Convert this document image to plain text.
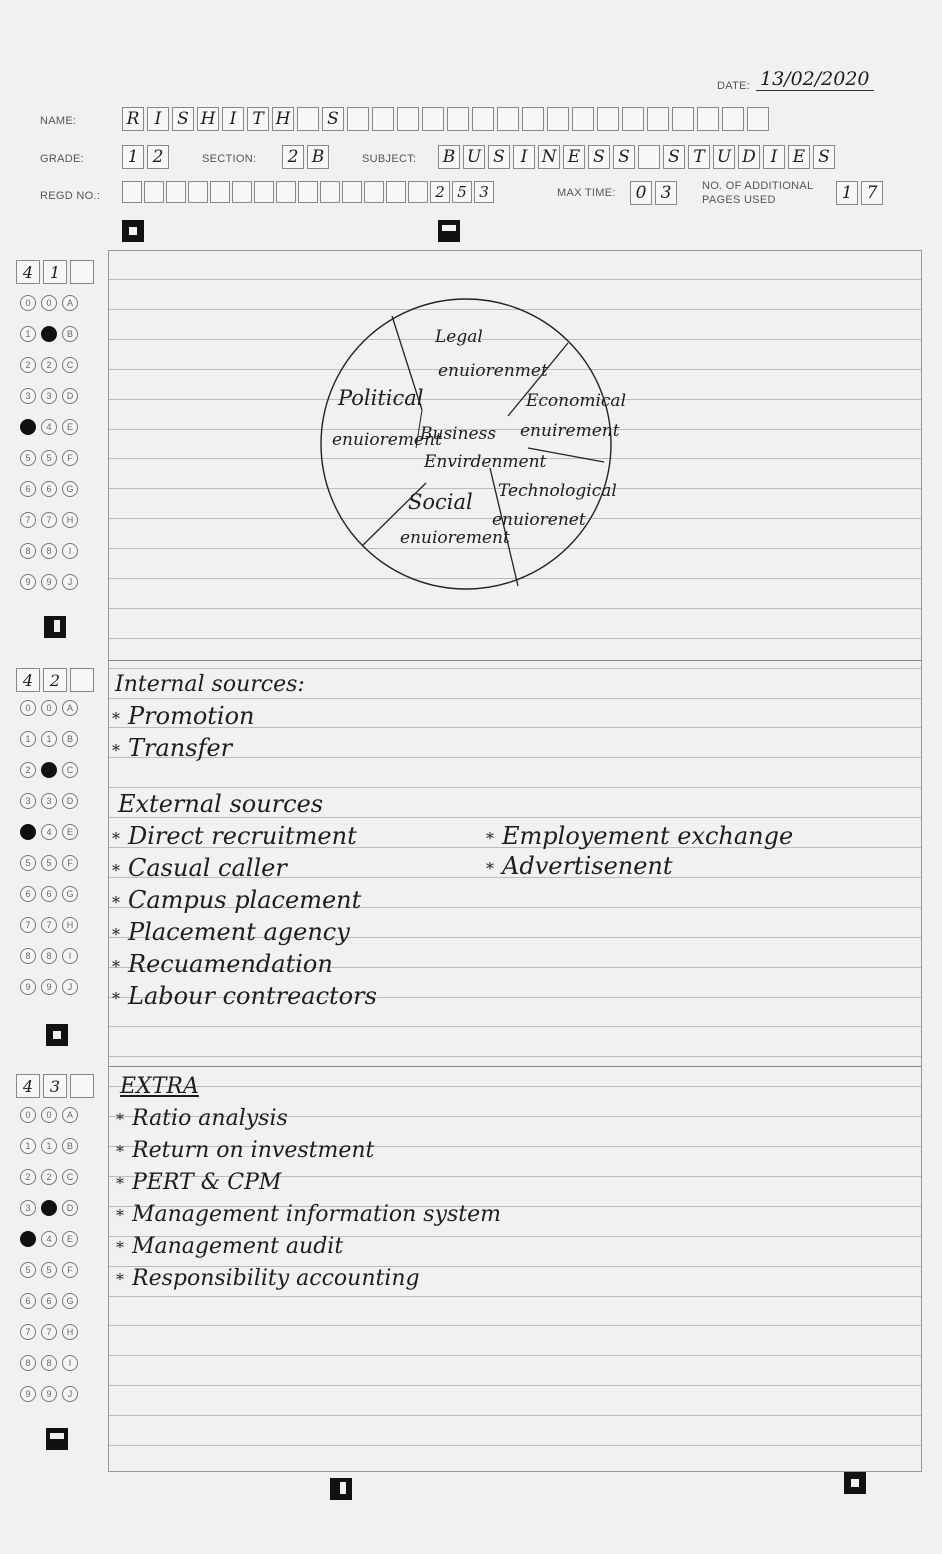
DATE: 13/02/2020
NAME:	R I S H I T H	S
GRADE:	1 2	SECTION:	2 B	SUBJECT: B U S I N E S S	S T U D I E S
REGD NO.:	2 5 3	MAX TIME:	0 3	NO. OF ADDITIONAL
PAGES USED	1 7
4	1
0	0	A
1	1	B
2	2	C
3	3	D
4	4	E
5	5	F
6	6	G
7	7	H
8	8	I
9	9	J
4	2
0	0	A
1	1	B
2	2	C
3	3	D
4	4	E
5	5	F
6	6	G
7	7	H
8	8	I
9	9	J
4	3
0	0	A
1	1	B
2	2	C
3	3	D
4	4	E
5	5	F
6	6	G
7	7	H
8	8	I
9	9	J
Legal
enuiorenmet
Economical
enuirement
Technological
enuiorenet
Social
enuiorement
Political
enuiorement
Business
Envirdenment
Internal sources:
* Promotion
* Transfer
External sources
* Direct recruitment
* Casual caller
* Campus placement
* Placement agency
* Recuamendation
* Labour contreactors
* Employement exchange
* Advertisenent
EXTRA
* Ratio analysis
* Return on investment
* PERT & CPM
* Management information system
* Management audit
* Responsibility accounting
